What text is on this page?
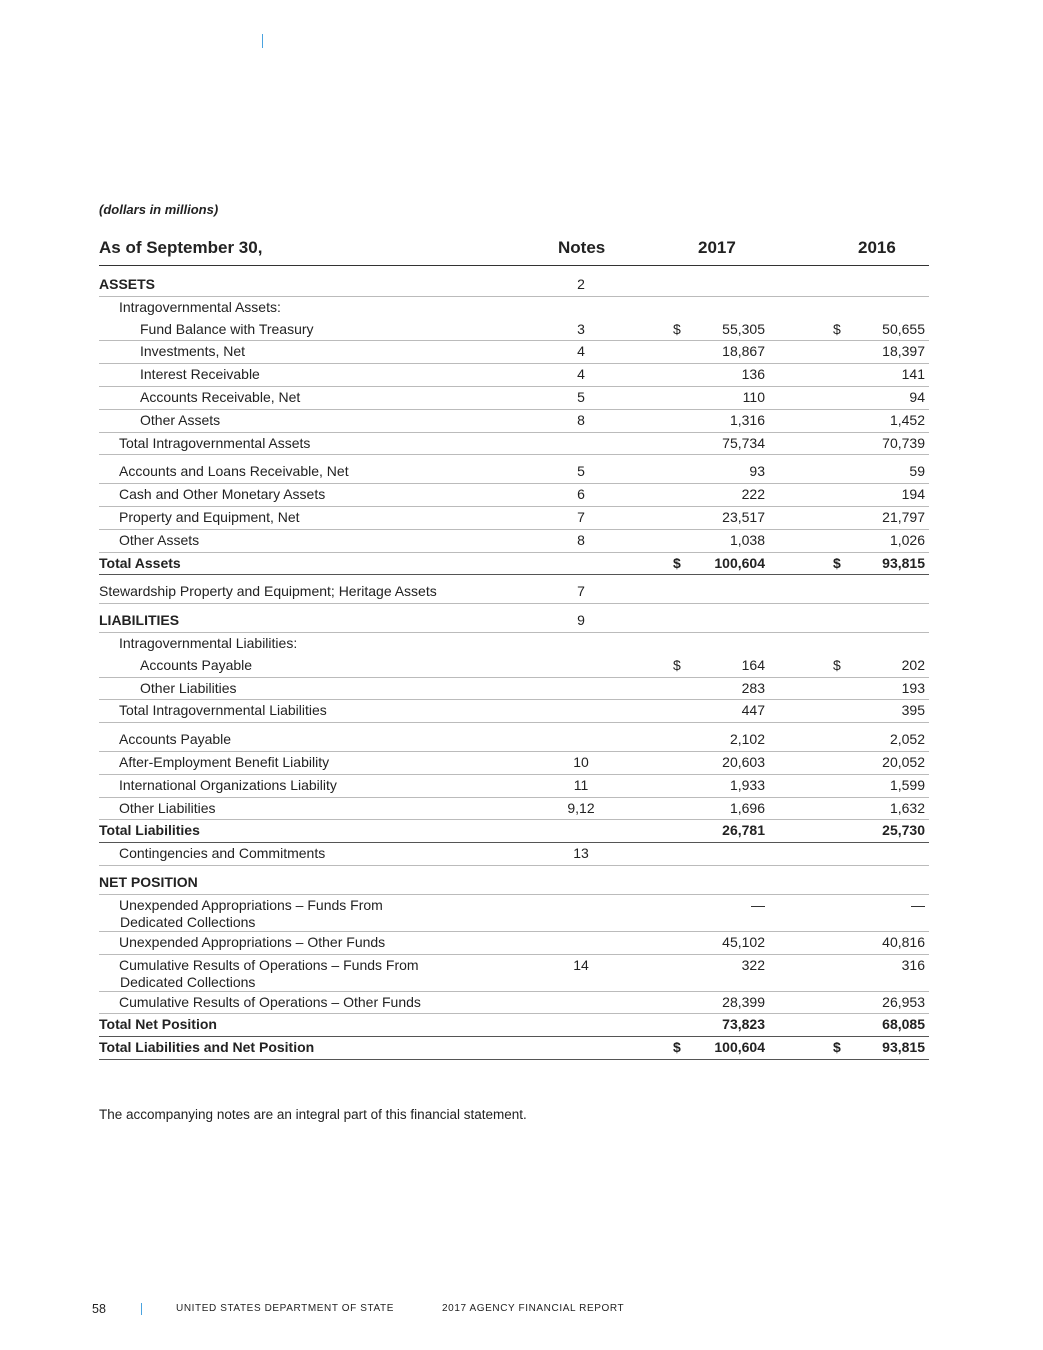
(dollars in millions)
As of September 30,	Notes	2017	2016
ASSETS	2
Intragovernmental Assets:
Fund Balance with Treasury	3	$	55,305	$	50,655
Investments, Net	4	18,867	18,397
Interest Receivable	4	136	141
Accounts Receivable, Net	5	110	94
Other Assets	8	1,316	1,452
Total Intragovernmental Assets	75,734	70,739
Accounts and Loans Receivable, Net	5	93	59
Cash and Other Monetary Assets	6	222	194
Property and Equipment, Net	7	23,517	21,797
Other Assets	8	1,038	1,026
Total Assets	$	100,604	$	93,815
Stewardship Property and Equipment; Heritage Assets	7
LIABILITIES	9
Intragovernmental Liabilities:
Accounts Payable	$	164	$	202
Other Liabilities	283	193
Total Intragovernmental Liabilities	447	395
Accounts Payable	2,102	2,052
After-Employment Benefit Liability	10	20,603	20,052
International Organizations Liability	11	1,933	1,599
Other Liabilities	9,12	1,696	1,632
Total Liabilities	26,781	25,730
Contingencies and Commitments	13
NET POSITION
Unexpended Appropriations – Funds From
Dedicated Collections
—	—
Unexpended Appropriations – Other Funds	45,102	40,816
Cumulative Results of Operations – Funds From
Dedicated Collections
14	322	316
Cumulative Results of Operations – Other Funds	28,399	26,953
Total Net Position	73,823	68,085
Total Liabilities and Net Position	$	100,604	$	93,815
The accompanying notes are an integral part of this financial statement.
58	UNITED STATES DEPARTMENT OF STATE	2017 AGENCY FINANCIAL REPORT
